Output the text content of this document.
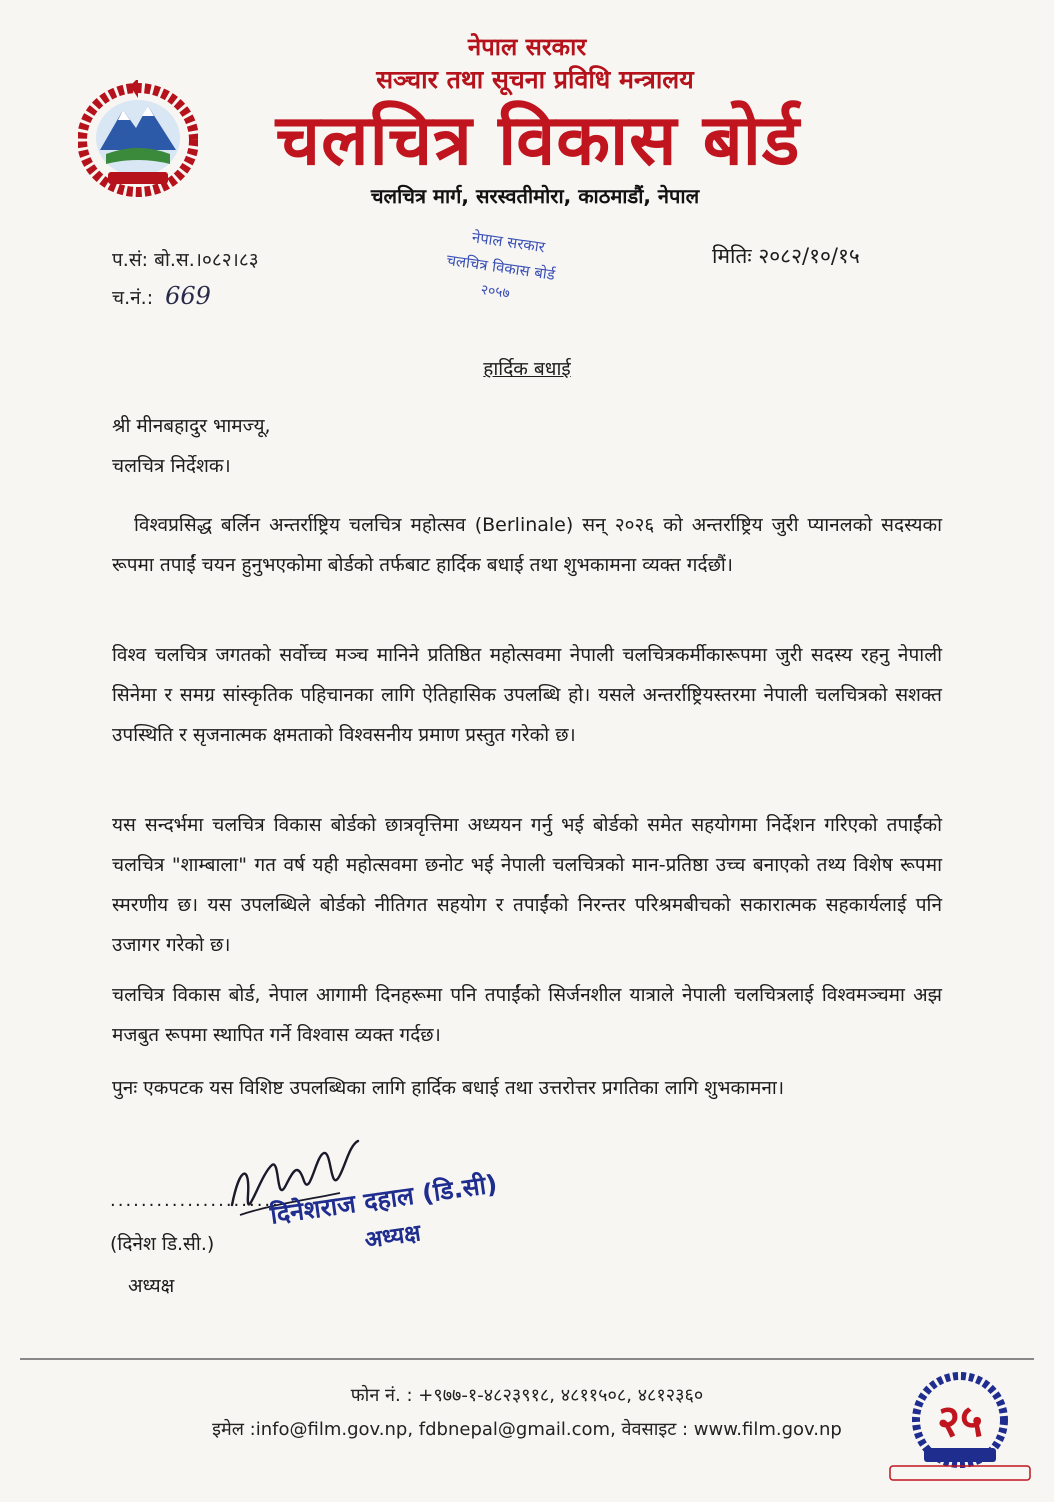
नेपाल सरकार
सञ्चार तथा सूचना प्रविधि मन्त्रालय
चलचित्र विकास बोर्ड
चलचित्र मार्ग, सरस्वतीमोरा, काठमाडौं, नेपाल
प.सं: बो.स.।०८२।८३
च.नं.: 669
मितिः २०८२/१०/१५
नेपाल सरकार
चलचित्र विकास बोर्ड
२०५७
हार्दिक बधाई
श्री मीनबहादुर भामज्यू,
चलचित्र निर्देशक।

विश्वप्रसिद्ध बर्लिन अन्तर्राष्ट्रिय चलचित्र महोत्सव (Berlinale) सन् २०२६ को अन्तर्राष्ट्रिय जुरी प्यानलको सदस्यका रूपमा तपाईं चयन हुनुभएकोमा बोर्डको तर्फबाट हार्दिक बधाई तथा शुभकामना व्यक्त गर्दछौं।

विश्व चलचित्र जगतको सर्वोच्च मञ्च मानिने प्रतिष्ठित महोत्सवमा नेपाली चलचित्रकर्मीकारूपमा जुरी सदस्य रहनु नेपाली सिनेमा र समग्र सांस्कृतिक पहिचानका लागि ऐतिहासिक उपलब्धि हो। यसले अन्तर्राष्ट्रियस्तरमा नेपाली चलचित्रको सशक्त उपस्थिति र सृजनात्मक क्षमताको विश्वसनीय प्रमाण प्रस्तुत गरेको छ।

यस सन्दर्भमा चलचित्र विकास बोर्डको छात्रवृत्तिमा अध्ययन गर्नु भई बोर्डको समेत सहयोगमा निर्देशन गरिएको तपाईंको चलचित्र "शाम्बाला" गत वर्ष यही महोत्सवमा छनोट भई नेपाली चलचित्रको मान-प्रतिष्ठा उच्च बनाएको तथ्य विशेष रूपमा स्मरणीय छ। यस उपलब्धिले बोर्डको नीतिगत सहयोग र तपाईंको निरन्तर परिश्रमबीचको सकारात्मक सहकार्यलाई पनि उजागर गरेको छ।

चलचित्र विकास बोर्ड, नेपाल आगामी दिनहरूमा पनि तपाईंको सिर्जनशील यात्राले नेपाली चलचित्रलाई विश्वमञ्चमा अझ मजबुत रूपमा स्थापित गर्ने विश्वास व्यक्त गर्दछ।

पुनः एकपटक यस विशिष्ट उपलब्धिका लागि हार्दिक बधाई तथा उत्तरोत्तर प्रगतिका लागि शुभकामना।

......................
(दिनेश डि.सी.)
अध्यक्ष
दिनेशराज दहाल (डि.सी)
अध्यक्ष
फोन नं. : +९७७-१-४८२३९१८, ४८११५०८, ४८१२३६०
इमेल :info@film.gov.np, fdbnepal@gmail.com, वेवसाइट : www.film.gov.np	२५
